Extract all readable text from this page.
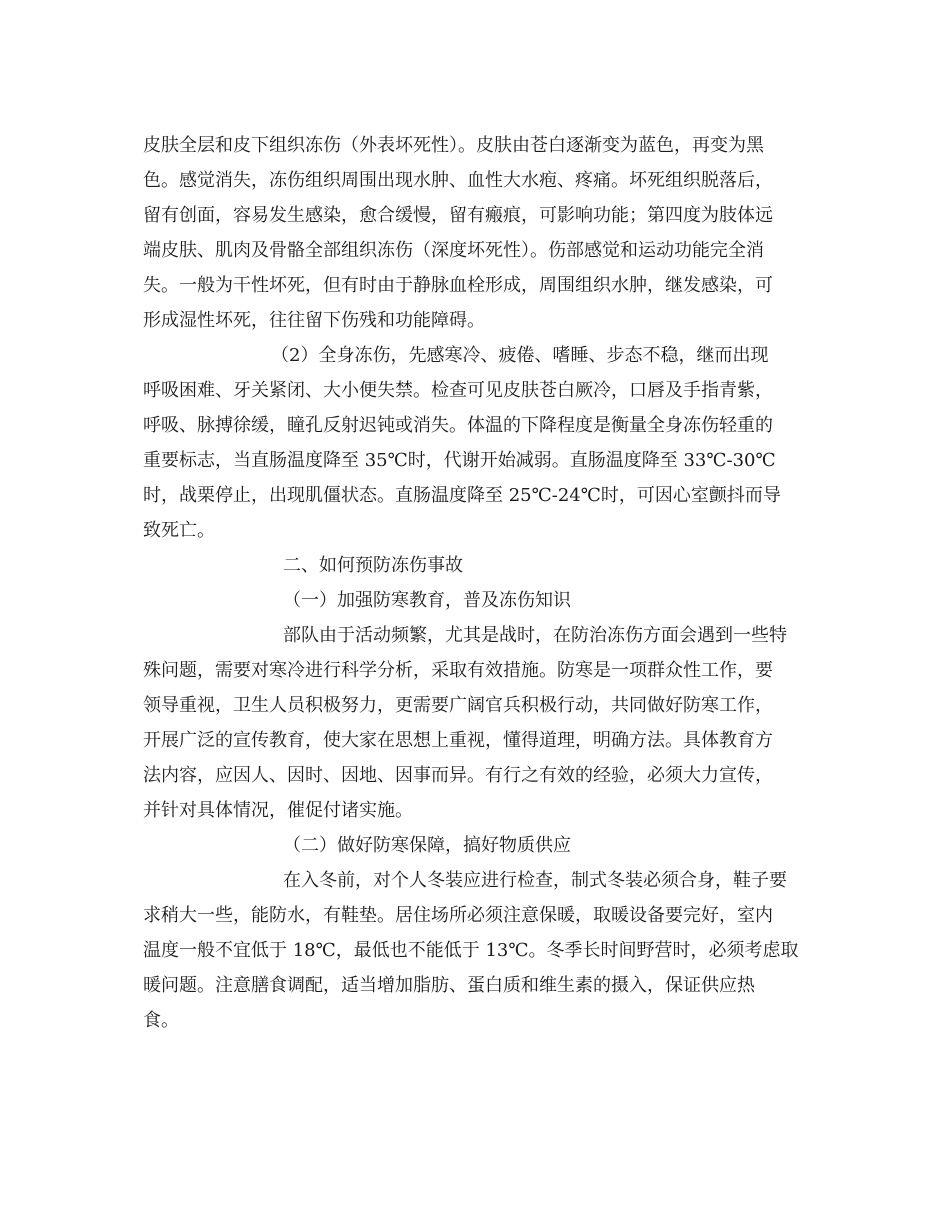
皮肤全层和皮下组织冻伤（外表坏死性）。皮肤由苍白逐渐变为蓝色，再变为黑
色。感觉消失，冻伤组织周围出现水肿、血性大水疱、疼痛。坏死组织脱落后，
留有创面，容易发生感染，愈合缓慢，留有瘢痕，可影响功能；第四度为肢体远
端皮肤、肌肉及骨骼全部组织冻伤（深度坏死性）。伤部感觉和运动功能完全消
失。一般为干性坏死，但有时由于静脉血栓形成，周围组织水肿，继发感染，可
形成湿性坏死，往往留下伤残和功能障碍。
（2）全身冻伤，先感寒冷、疲倦、嗜睡、步态不稳，继而出现
呼吸困难、牙关紧闭、大小便失禁。检查可见皮肤苍白厥冷，口唇及手指青紫，
呼吸、脉搏徐缓，瞳孔反射迟钝或消失。体温的下降程度是衡量全身冻伤轻重的
重要标志，当直肠温度降至 35℃时，代谢开始减弱。直肠温度降至 33℃-30℃
时，战栗停止，出现肌僵状态。直肠温度降至 25℃-24℃时，可因心室颤抖而导
致死亡。
二、如何预防冻伤事故
（一）加强防寒教育，普及冻伤知识
部队由于活动频繁，尤其是战时，在防治冻伤方面会遇到一些特
殊问题，需要对寒冷进行科学分析，采取有效措施。防寒是一项群众性工作，要
领导重视，卫生人员积极努力，更需要广阔官兵积极行动，共同做好防寒工作，
开展广泛的宣传教育，使大家在思想上重视，懂得道理，明确方法。具体教育方
法内容，应因人、因时、因地、因事而异。有行之有效的经验，必须大力宣传，
并针对具体情况，催促付诸实施。
（二）做好防寒保障，搞好物质供应
在入冬前，对个人冬装应进行检查，制式冬装必须合身，鞋子要
求稍大一些，能防水，有鞋垫。居住场所必须注意保暖，取暖设备要完好，室内
温度一般不宜低于 18℃，最低也不能低于 13℃。冬季长时间野营时，必须考虑取
暖问题。注意膳食调配，适当增加脂肪、蛋白质和维生素的摄入，保证供应热
食。
